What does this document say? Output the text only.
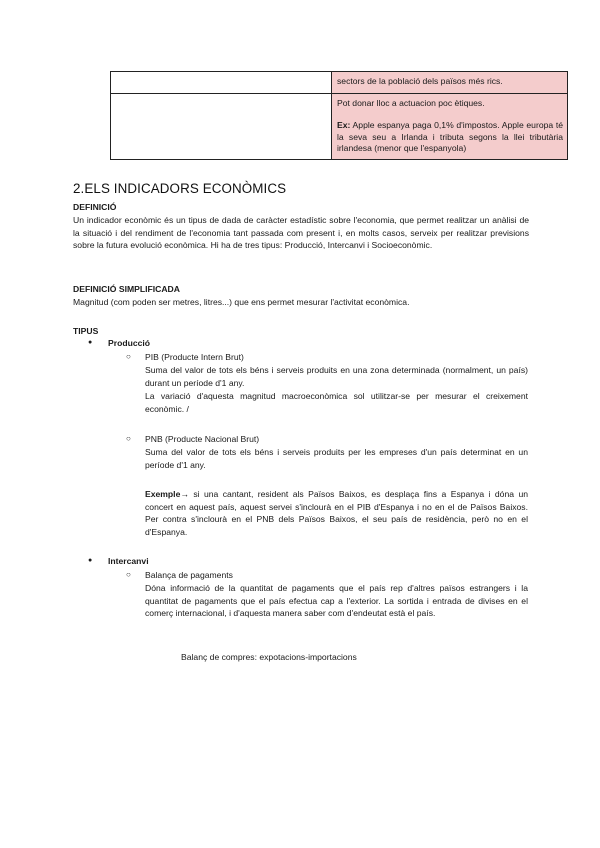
	sectors de la població dels països més rics.

	Pot donar lloc a actuacion poc ètiques.

Ex: Apple espanya paga 0,1% d'impostos. Apple europa té la seva seu a Irlanda i tributa segons la llei tributària irlandesa (menor que l'espanyola)

2.ELS INDICADORS ECONÒMICS

DEFINICIÓ

Un indicador econòmic és un tipus de dada de caràcter estadístic sobre l'economia, que permet realitzar un anàlisi de la situació i del rendiment de l'economia tant passada com present i, en molts casos, serveix per realitzar previsions sobre la futura evolució econòmica. Hi ha de tres tipus: Producció, Intercanvi i Socioeconòmic.

DEFINICIÓ SIMPLIFICADA

Magnitud (com poden ser metres, litres...) que ens permet mesurar l'activitat econòmica.

TIPUS

●	Producció
○	PIB (Producte Intern Brut)

Suma del valor de tots els béns i serveis produits en una zona determinada (normalment, un país) durant un període d'1 any.

La variació d'aquesta magnitud macroeconòmica sol utilitzar-se per mesurar el creixement econòmic. /

○	PNB (Producte Nacional Brut)

Suma del valor de tots els béns i serveis produits per les empreses d'un país determinat en un període d'1 any.

Exemple→ si una cantant, resident als Països Baixos, es desplaça fins a Espanya i dóna un concert en aquest país, aquest servei s'inclourà en el PIB d'Espanya i no en el de Països Baixos. Per contra s'inclourà en el PNB dels Països Baixos, el seu país de residència, però no en el d'Espanya.

●	Intercanvi
○	Balança de pagaments

Dóna informació de la quantitat de pagaments que el país rep d'altres països estrangers i la quantitat de pagaments que el país efectua cap a l'exterior. La sortida i entrada de divises en el comerç internacional, i d'aquesta manera saber com d'endeutat està el país.

Balanç de compres: expotacions-importacions
